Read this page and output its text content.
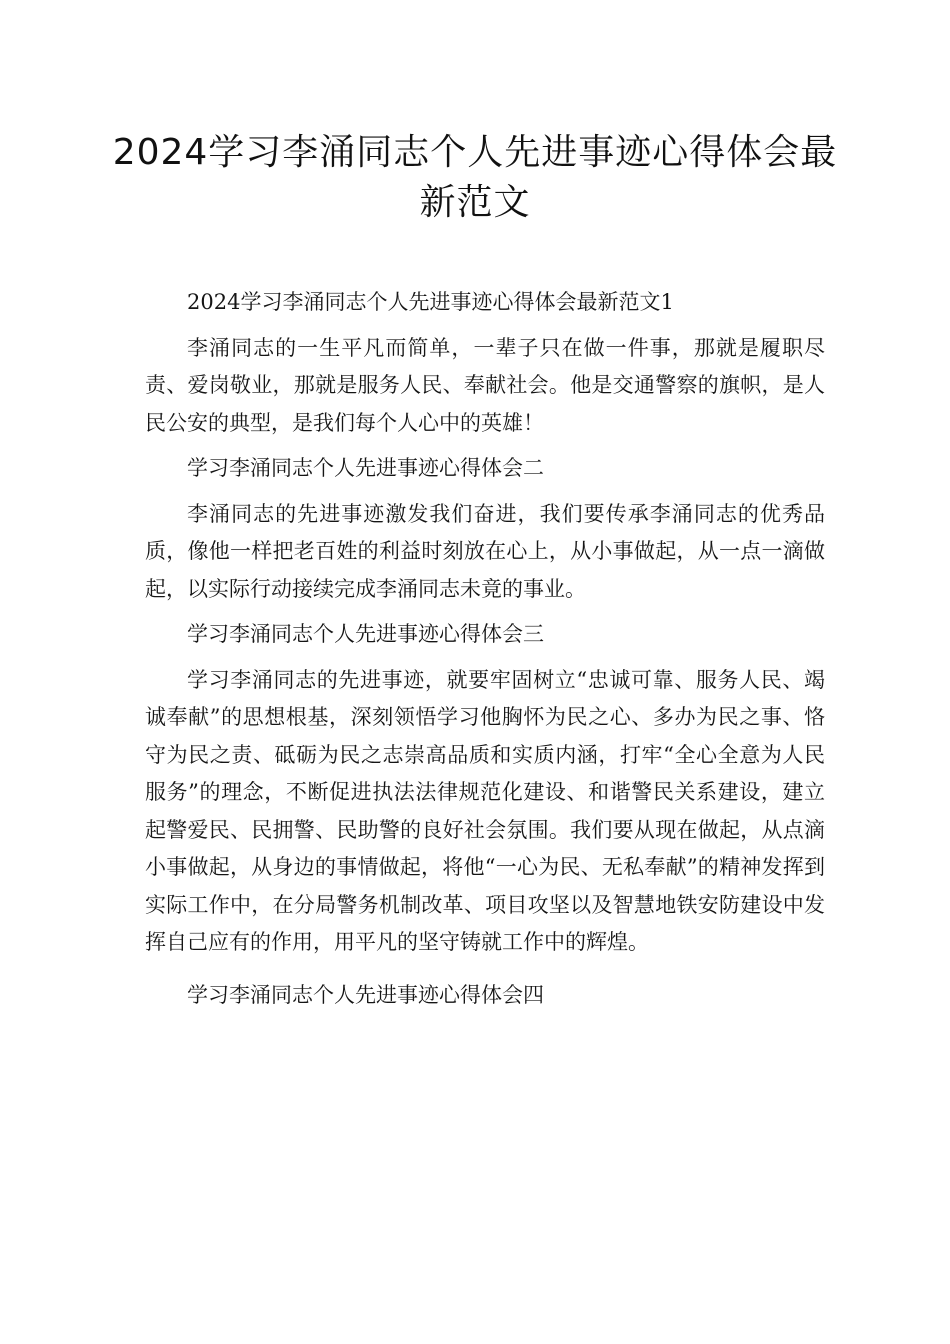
2024学习李涌同志个人先进事迹心得体会最新范文

2024学习李涌同志个人先进事迹心得体会最新范文1

李涌同志的一生平凡而简单，一辈子只在做一件事，那就是履职尽责、爱岗敬业，那就是服务人民、奉献社会。他是交通警察的旗帜，是人民公安的典型，是我们每个人心中的英雄！

学习李涌同志个人先进事迹心得体会二

李涌同志的先进事迹激发我们奋进，我们要传承李涌同志的优秀品质，像他一样把老百姓的利益时刻放在心上，从小事做起，从一点一滴做起，以实际行动接续完成李涌同志未竟的事业。

学习李涌同志个人先进事迹心得体会三

学习李涌同志的先进事迹，就要牢固树立“忠诚可靠、服务人民、竭诚奉献”的思想根基，深刻领悟学习他胸怀为民之心、多办为民之事、恪守为民之责、砥砺为民之志崇高品质和实质内涵，打牢“全心全意为人民服务”的理念，不断促进执法法律规范化建设、和谐警民关系建设，建立起警爱民、民拥警、民助警的良好社会氛围。我们要从现在做起，从点滴小事做起，从身边的事情做起，将他“一心为民、无私奉献”的精神发挥到实际工作中，在分局警务机制改革、项目攻坚以及智慧地铁安防建设中发挥自己应有的作用，用平凡的坚守铸就工作中的辉煌。

学习李涌同志个人先进事迹心得体会四
